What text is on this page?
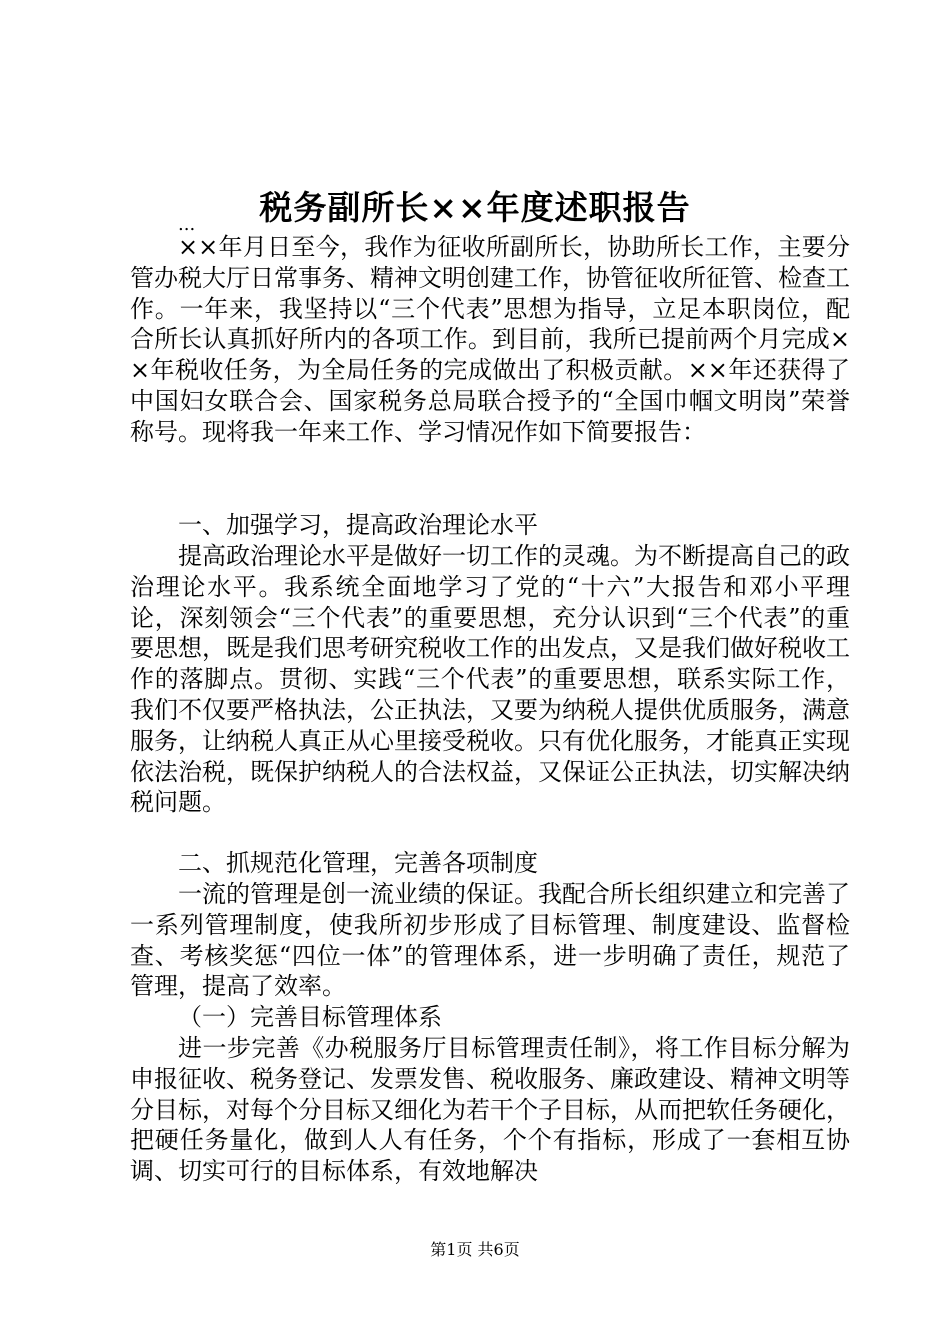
税务副所长××年度述职报告
...

××年月日至今，我作为征收所副所长，协助所长工作，主要分管办税大厅日常事务、精神文明创建工作，协管征收所征管、检查工作。一年来，我坚持以“三个代表”思想为指导，立足本职岗位，配合所长认真抓好所内的各项工作。到目前，我所已提前两个月完成××年税收任务，为全局任务的完成做出了积极贡献。××年还获得了中国妇女联合会、国家税务总局联合授予的“全国巾帼文明岗”荣誉称号。现将我一年来工作、学习情况作如下简要报告：

一、加强学习，提高政治理论水平

提高政治理论水平是做好一切工作的灵魂。为不断提高自己的政治理论水平。我系统全面地学习了党的“十六”大报告和邓小平理论，深刻领会“三个代表”的重要思想，充分认识到“三个代表”的重要思想，既是我们思考研究税收工作的出发点，又是我们做好税收工作的落脚点。贯彻、实践“三个代表”的重要思想，联系实际工作，我们不仅要严格执法，公正执法，又要为纳税人提供优质服务，满意服务，让纳税人真正从心里接受税收。只有优化服务，才能真正实现依法治税，既保护纳税人的合法权益，又保证公正执法，切实解决纳税问题。

二、抓规范化管理，完善各项制度

一流的管理是创一流业绩的保证。我配合所长组织建立和完善了一系列管理制度，使我所初步形成了目标管理、制度建设、监督检查、考核奖惩“四位一体”的管理体系，进一步明确了责任，规范了管理，提高了效率。

（一）完善目标管理体系

进一步完善《办税服务厅目标管理责任制》，将工作目标分解为申报征收、税务登记、发票发售、税收服务、廉政建设、精神文明等分目标，对每个分目标又细化为若干个子目标，从而把软任务硬化，把硬任务量化，做到人人有任务，个个有指标，形成了一套相互协调、切实可行的目标体系，有效地解决

第1页 共6页
